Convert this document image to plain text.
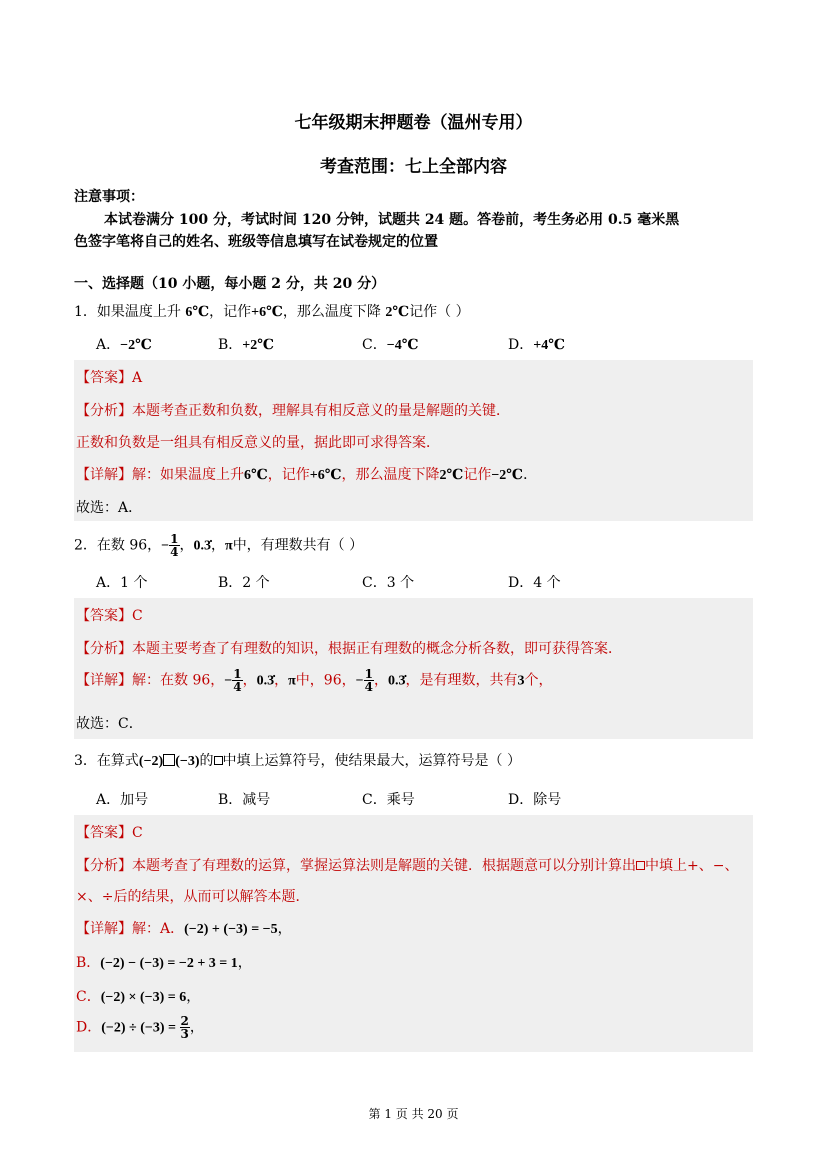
七年级期末押题卷（温州专用）
考查范围：七上全部内容
注意事项：
本试卷满分 100 分，考试时间 120 分钟，试题共 24 题。答卷前，考生务必用 0.5 毫米黑
色签字笔将自己的姓名、班级等信息填写在试卷规定的位置
一、选择题（10 小题，每小题 2 分，共 20 分）
1．如果温度上升 6℃，记作+6℃，那么温度下降 2℃记作（ ）
A．−2℃	B．+2℃	C．−4℃	D．+4℃
【答案】A
【分析】本题考查正数和负数，理解具有相反意义的量是解题的关键．
正数和负数是一组具有相反意义的量，据此即可求得答案．
【详解】解：如果温度上升6℃，记作+6℃，那么温度下降2℃记作−2℃．
故选：A．
2．在数 96，− $\frac{1}{4}$ ，0.3̇，π中，有理数共有（ ）
A．1 个	B．2 个	C．3 个	D．4 个
【答案】C
【分析】本题主要考查了有理数的知识，根据正有理数的概念分析各数，即可获得答案．
【详解】解：在数 96，− $\frac{1}{4}$ ，0.3̇，π中，96，− $\frac{1}{4}$ ，0.3̇，是有理数，共有3个，
故选：C．
3．在算式(−2) (−3)的 中填上运算符号，使结果最大，运算符号是（ ）
A．加号	B．减号	C．乘号	D．除号
【答案】C
【分析】本题考查了有理数的运算，掌握运算法则是解题的关键．根据题意可以分别计算出 中填上+、−、
×、÷后的结果，从而可以解答本题．
【详解】解：A．(−2) + (−3) = −5，
B．(−2) − (−3) = −2 + 3 = 1，
C．(−2) × (−3) = 6，
D．$(-2) \div (-3) = \frac{2}{3}$ ，
第 1 页 共 20 页
